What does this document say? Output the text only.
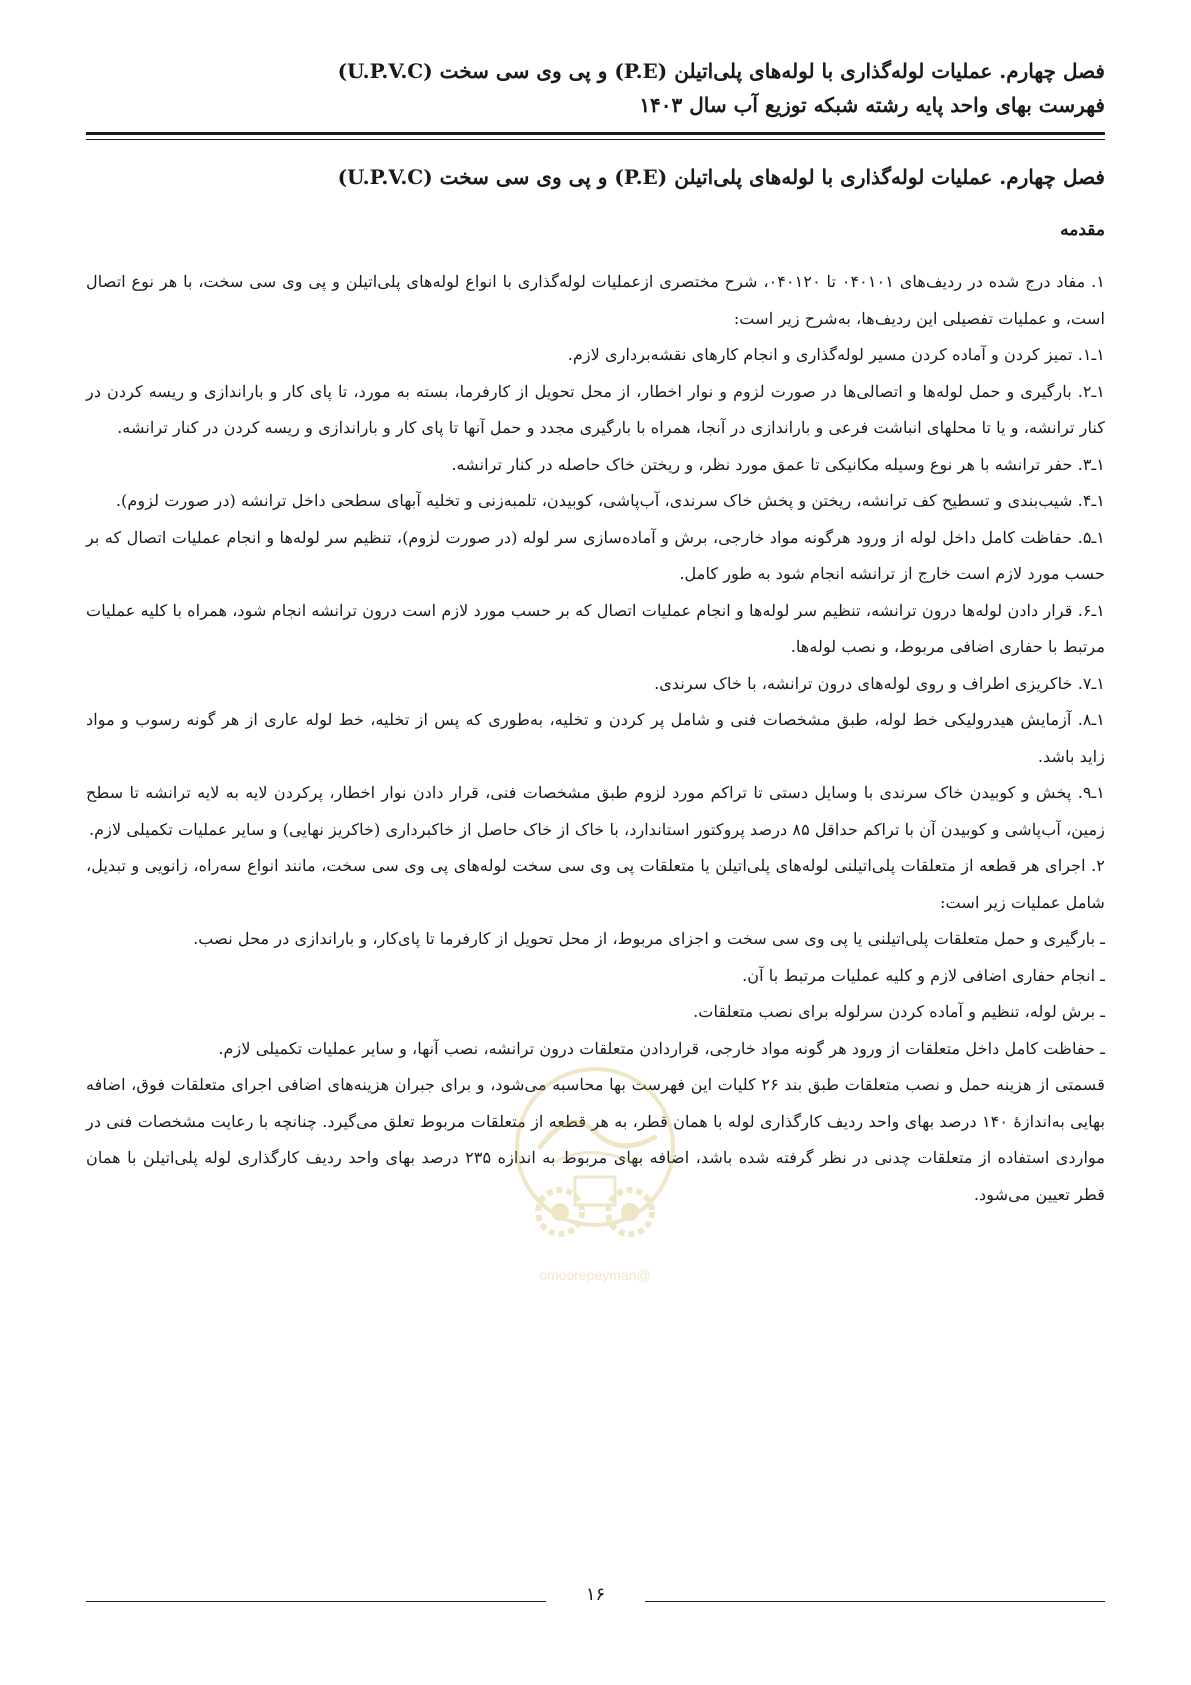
فصل چهارم. عملیات لوله‌گذاری با لوله‌های پلی‌اتیلن (P.E) و پی وی سی سخت (U.P.V.C)
فهرست بهای واحد پایه رشته شبکه توزیع آب سال ۱۴۰۳
فصل چهارم. عملیات لوله‌گذاری با لوله‌های پلی‌اتیلن (P.E) و پی وی سی سخت (U.P.V.C)
مقدمه

۱. مفاد درج شده در ردیف‌های ۰۴۰۱۰۱ تا ۰۴۰۱۲۰، شرح مختصری ازعملیات لوله‌گذاری با انواع لوله‌های پلی‌اتیلن و پی وی سی سخت، با هر نوع اتصال است، و عملیات تفصیلی این ردیف‌ها، به‌شرح زیر است:

۱ـ۱. تمیز کردن و آماده کردن مسیر لوله‌گذاری و انجام کارهای نقشه‌برداری لازم.

۱ـ۲. بارگیری و حمل لوله‌ها و اتصالی‌ها در صورت لزوم و نوار اخطار، از محل تحویل از کارفرما، بسته به مورد، تا پای کار و باراندازی و ریسه کردن در کنار ترانشه، و یا تا محلهای انباشت فرعی و باراندازی در آنجا، همراه با بارگیری مجدد و حمل آنها تا پای کار و باراندازی و ریسه کردن در کنار ترانشه.

۱ـ۳. حفر ترانشه با هر نوع وسیله مکانیکی تا عمق مورد نظر، و ریختن خاک حاصله در کنار ترانشه.

۱ـ۴. شیب‌بندی و تسطیح کف ترانشه، ریختن و پخش خاک سرندی، آب‌پاشی، کوبیدن، تلمبه‌زنی و تخلیه آبهای سطحی داخل ترانشه (در صورت لزوم).

۱ـ۵. حفاظت کامل داخل لوله از ورود هرگونه مواد خارجی، برش و آماده‌سازی سر لوله (در صورت لزوم)، تنظیم سر لوله‌ها و انجام عملیات اتصال که بر حسب مورد لازم است خارج از ترانشه انجام شود به طور کامل.

۱ـ۶. قرار دادن لوله‌ها درون ترانشه، تنظیم سر لوله‌ها و انجام عملیات اتصال که بر حسب مورد لازم است درون ترانشه انجام شود، همراه با کلیه عملیات مرتبط با حفاری اضافی مربوط، و نصب لوله‌ها.

۱ـ۷. خاکریزی اطراف و روی لوله‌های درون ترانشه، با خاک سرندی.

۱ـ۸. آزمایش هیدرولیکی خط لوله، طبق مشخصات فنی و شامل پر کردن و تخلیه، به‌طوری که پس از تخلیه، خط لوله عاری از هر گونه رسوب و مواد زاید باشد.

۱ـ۹. پخش و کوبیدن خاک سرندی با وسایل دستی تا تراکم مورد لزوم طبق مشخصات فنی، قرار دادن نوار اخطار، پرکردن لایه به لایه ترانشه تا سطح زمین، آب‌پاشی و کوبیدن آن با تراکم حداقل ۸۵ درصد پروکتور استاندارد، با خاک از خاک حاصل از خاکبرداری (خاکریز نهایی) و سایر عملیات تکمیلی لازم.

۲. اجرای هر قطعه از متعلقات پلی‌اتیلنی لوله‌های پلی‌اتیلن یا متعلقات پی وی سی سخت لوله‌های پی وی سی سخت، مانند انواع سه‌راه، زانویی و تبدیل، شامل عملیات زیر است:

ـ بارگیری و حمل متعلقات پلی‌اتیلنی یا پی وی سی سخت و اجزای مربوط، از محل تحویل از کارفرما تا پای‌کار، و باراندازی در محل نصب.

ـ انجام حفاری اضافی لازم و کلیه عملیات مرتبط با آن.

ـ برش لوله، تنظیم و آماده کردن سرلوله برای نصب متعلقات.

ـ حفاظت کامل داخل متعلقات از ورود هر گونه مواد خارجی، قراردادن متعلقات درون ترانشه، نصب آنها، و سایر عملیات تکمیلی لازم.

قسمتی از هزینه حمل و نصب متعلقات طبق بند ۲۶ کلیات این فهرست بها محاسبه می‌شود، و برای جبران هزینه‌های اضافی اجرای متعلقات فوق، اضافه بهایی به‌اندازهٔ ۱۴۰ درصد بهای واحد ردیف کارگذاری لوله با همان قطر، به هر قطعه از متعلقات مربوط تعلق می‌گیرد. چنانچه با رعایت مشخصات فنی در مواردی استفاده از متعلقات چدنی در نظر گرفته شده باشد، اضافه بهای مربوط به اندازه ۲۳۵ درصد بهای واحد ردیف کارگذاری لوله پلی‌اتیلن با همان قطر تعیین می‌شود.

@omoorepeyman
۱۶
